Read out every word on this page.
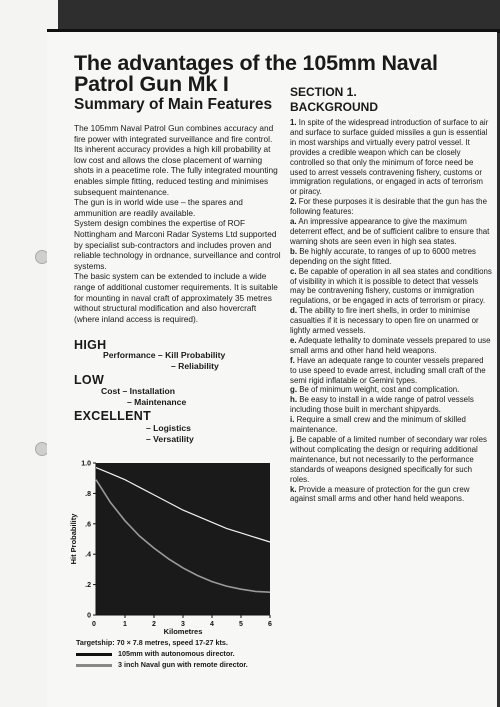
The advantages of the 105mm Naval Patrol Gun Mk I
Summary of Main Features
SECTION 1.
BACKGROUND

The 105mm Naval Patrol Gun combines accuracy and fire power with integrated surveillance and fire control. Its inherent accuracy provides a high kill probability at low cost and allows the close placement of warning shots in a peacetime role. The fully integrated mounting enables simple fitting, reduced testing and minimises subsequent maintenance.

The gun is in world wide use – the spares and ammunition are readily available.

System design combines the expertise of ROF Nottingham and Marconi Radar Systems Ltd supported by specialist sub-contractors and includes proven and reliable technology in ordnance, surveillance and control systems.

The basic system can be extended to include a wide range of additional customer requirements. It is suitable for mounting in naval craft of approximately 35 metres without structural modification and also hovercraft (where inland access is required).

HIGH
Performance – Kill Probability
– Reliability
LOW
Cost – Installation
– Maintenance
EXCELLENT
– Logistics
– Versatility
0
.2
.4
.6
.8
1.0
1	2	3	4	5	6
0
Kilometres
Hit Probability
Targetship: 70 × 7.8 metres, speed 17-27 kts.
105mm with autonomous director.
3 inch Naval gun with remote director.

1. In spite of the widespread introduction of surface to air and surface to surface guided missiles a gun is essential in most warships and virtually every patrol vessel. It provides a credible weapon which can be closely controlled so that only the minimum of force need be used to arrest vessels contravening fishery, customs or immigration regulations, or engaged in acts of terrorism or piracy.

2. For these purposes it is desirable that the gun has the following features:

a. An impressive appearance to give the maximum deterrent effect, and be of sufficient calibre to ensure that warning shots are seen even in high sea states.

b. Be highly accurate, to ranges of up to 6000 metres depending on the sight fitted.

c. Be capable of operation in all sea states and conditions of visibility in which it is possible to detect that vessels may be contravening fishery, customs or immigration regulations, or be engaged in acts of terrorism or piracy.

d. The ability to fire inert shells, in order to minimise casualties if it is necessary to open fire on unarmed or lightly armed vessels.

e. Adequate lethality to dominate vessels prepared to use small arms and other hand held weapons.

f. Have an adequate range to counter vessels prepared to use speed to evade arrest, including small craft of the semi rigid inflatable or Gemini types.

g. Be of minimum weight, cost and complication.

h. Be easy to install in a wide range of patrol vessels including those built in merchant shipyards.

i. Require a small crew and the minimum of skilled maintenance.

j. Be capable of a limited number of secondary war roles without complicating the design or requiring additional maintenance, but not necessarily to the performance standards of weapons designed specifically for such roles.

k. Provide a measure of protection for the gun crew against small arms and other hand held weapons.
